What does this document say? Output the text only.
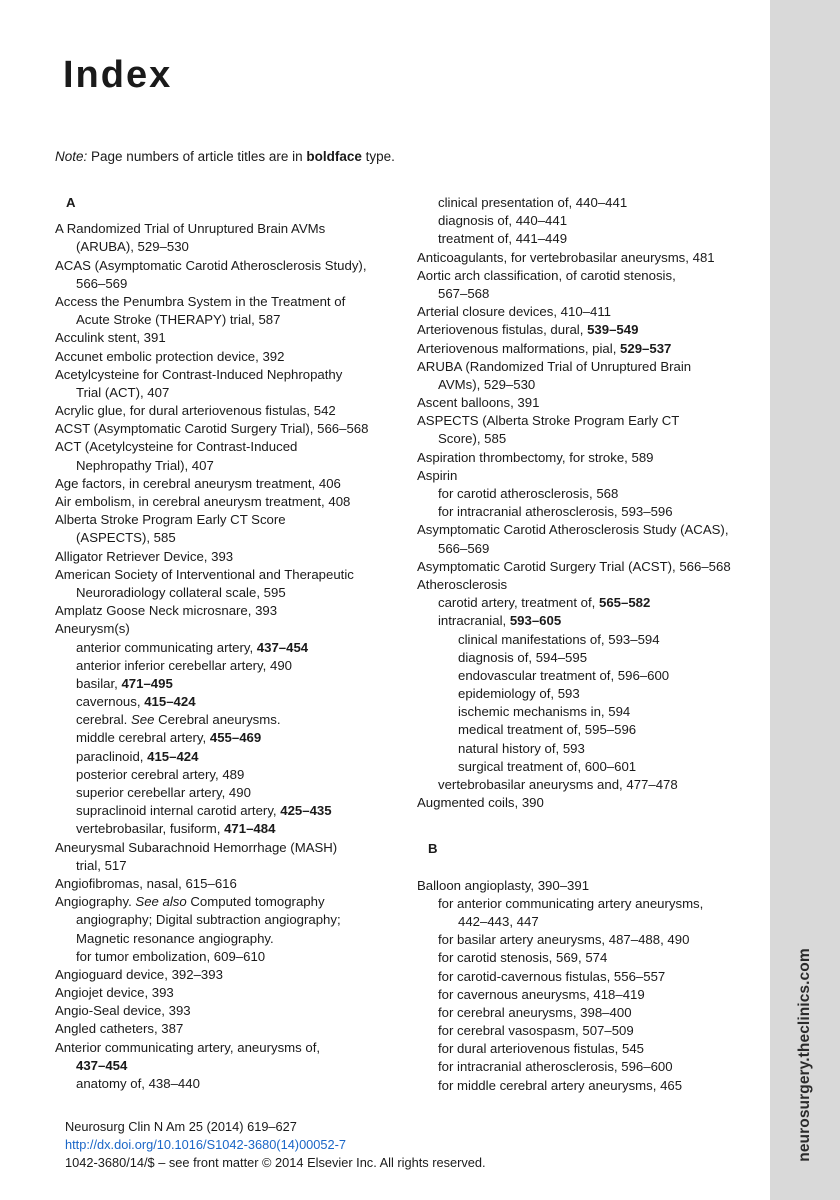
neurosurgery.theclinics.com
Index
Note: Page numbers of article titles are in boldface type.
A
A Randomized Trial of Unruptured Brain AVMs
(ARUBA), 529–530
ACAS (Asymptomatic Carotid Atherosclerosis Study),
566–569
Access the Penumbra System in the Treatment of
Acute Stroke (THERAPY) trial, 587
Acculink stent, 391
Accunet embolic protection device, 392
Acetylcysteine for Contrast-Induced Nephropathy
Trial (ACT), 407
Acrylic glue, for dural arteriovenous fistulas, 542
ACST (Asymptomatic Carotid Surgery Trial), 566–568
ACT (Acetylcysteine for Contrast-Induced
Nephropathy Trial), 407
Age factors, in cerebral aneurysm treatment, 406
Air embolism, in cerebral aneurysm treatment, 408
Alberta Stroke Program Early CT Score
(ASPECTS), 585
Alligator Retriever Device, 393
American Society of Interventional and Therapeutic
Neuroradiology collateral scale, 595
Amplatz Goose Neck microsnare, 393
Aneurysm(s)
anterior communicating artery, 437–454
anterior inferior cerebellar artery, 490
basilar, 471–495
cavernous, 415–424
cerebral. See Cerebral aneurysms.
middle cerebral artery, 455–469
paraclinoid, 415–424
posterior cerebral artery, 489
superior cerebellar artery, 490
supraclinoid internal carotid artery, 425–435
vertebrobasilar, fusiform, 471–484
Aneurysmal Subarachnoid Hemorrhage (MASH)
trial, 517
Angiofibromas, nasal, 615–616
Angiography. See also Computed tomography
angiography; Digital subtraction angiography;
Magnetic resonance angiography.
for tumor embolization, 609–610
Angioguard device, 392–393
Angiojet device, 393
Angio-Seal device, 393
Angled catheters, 387
Anterior communicating artery, aneurysms of,
437–454
anatomy of, 438–440
clinical presentation of, 440–441
diagnosis of, 440–441
treatment of, 441–449
Anticoagulants, for vertebrobasilar aneurysms, 481
Aortic arch classification, of carotid stenosis,
567–568
Arterial closure devices, 410–411
Arteriovenous fistulas, dural, 539–549
Arteriovenous malformations, pial, 529–537
ARUBA (Randomized Trial of Unruptured Brain
AVMs), 529–530
Ascent balloons, 391
ASPECTS (Alberta Stroke Program Early CT
Score), 585
Aspiration thrombectomy, for stroke, 589
Aspirin
for carotid atherosclerosis, 568
for intracranial atherosclerosis, 593–596
Asymptomatic Carotid Atherosclerosis Study (ACAS),
566–569
Asymptomatic Carotid Surgery Trial (ACST), 566–568
Atherosclerosis
carotid artery, treatment of, 565–582
intracranial, 593–605
clinical manifestations of, 593–594
diagnosis of, 594–595
endovascular treatment of, 596–600
epidemiology of, 593
ischemic mechanisms in, 594
medical treatment of, 595–596
natural history of, 593
surgical treatment of, 600–601
vertebrobasilar aneurysms and, 477–478
Augmented coils, 390
B
Balloon angioplasty, 390–391
for anterior communicating artery aneurysms,
442–443, 447
for basilar artery aneurysms, 487–488, 490
for carotid stenosis, 569, 574
for carotid-cavernous fistulas, 556–557
for cavernous aneurysms, 418–419
for cerebral aneurysms, 398–400
for cerebral vasospasm, 507–509
for dural arteriovenous fistulas, 545
for intracranial atherosclerosis, 596–600
for middle cerebral artery aneurysms, 465
Neurosurg Clin N Am 25 (2014) 619–627
http://dx.doi.org/10.1016/S1042-3680(14)00052-7
1042-3680/14/$ – see front matter © 2014 Elsevier Inc. All rights reserved.
